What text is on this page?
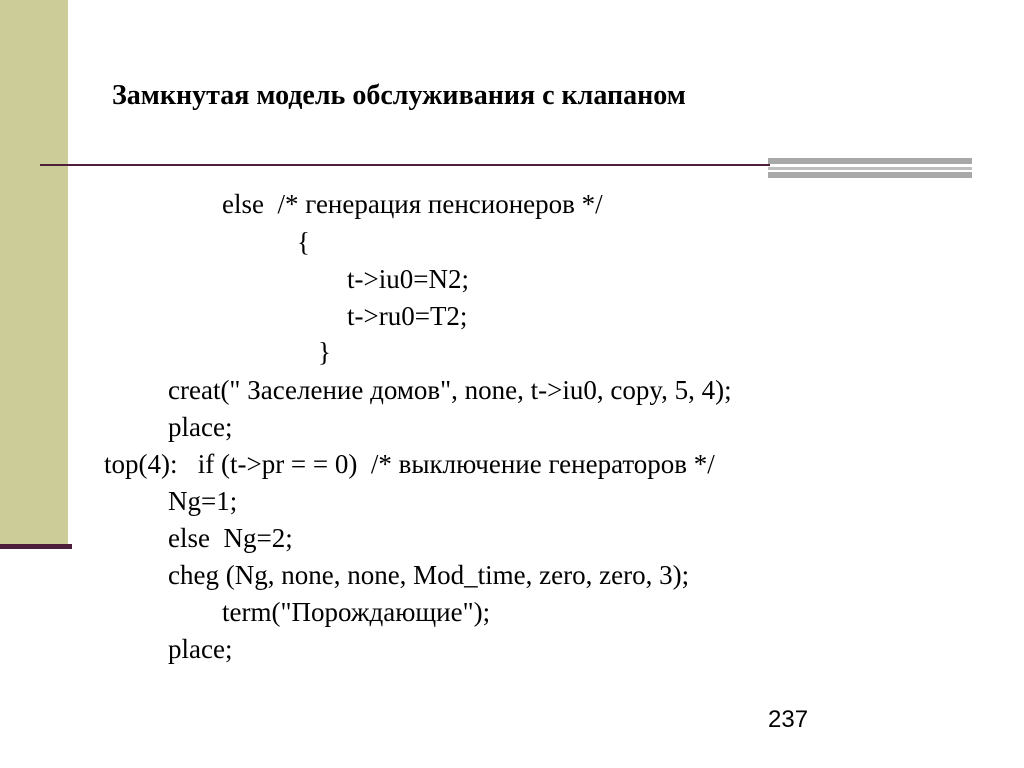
Замкнутая модель обслуживания с клапаном
else  /* генерация пенсионеров */
{
t->iu0=N2;
t->ru0=T2;
}
creat(" Заселение домов", none, t->iu0, copy, 5, 4);
place;
top(4):   if (t->pr = = 0)  /* выключение генераторов */
Ng=1;
else  Ng=2;
cheg (Ng, none, none, Mod_time, zero, zero, 3);
term("Порождающие");
place;
237
